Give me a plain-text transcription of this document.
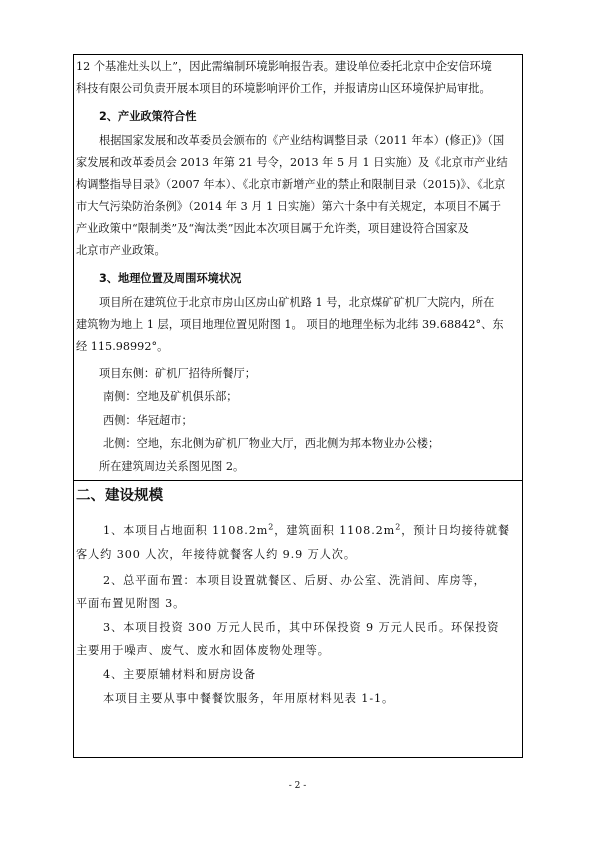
12 个基准灶头以上”，因此需编制环境影响报告表。建设单位委托北京中企安信环境
科技有限公司负责开展本项目的环境影响评价工作，并报请房山区环境保护局审批。
2、产业政策符合性
根据国家发展和改革委员会颁布的《产业结构调整目录（2011 年本）(修正)》（国
家发展和改革委员会 2013 年第 21 号令，2013 年 5 月 1 日实施）及《北京市产业结
构调整指导目录》（2007 年本）、《北京市新增产业的禁止和限制目录（2015)》、《北京
市大气污染防治条例》（2014 年 3 月 1 日实施）第六十条中有关规定，本项目不属于
产业政策中“限制类”及“淘汰类”因此本次项目属于允许类，项目建设符合国家及
北京市产业政策。
3、地理位置及周围环境状况
项目所在建筑位于北京市房山区房山矿机路 1 号，北京煤矿矿机厂大院内，所在
建筑物为地上 1 层，项目地理位置见附图 1。 项目的地理坐标为北纬 39.68842°、东
经 115.98992°。
项目东侧：矿机厂招待所餐厅；
南侧：空地及矿机俱乐部；
西侧：华冠超市；
北侧：空地，东北侧为矿机厂物业大厅，西北侧为邦本物业办公楼；
所在建筑周边关系图见图 2。
二、建设规模
1、本项目占地面积 $1108.2m^2$，建筑面积 $1108.2m^2$，预计日均接待就餐
客人约 300 人次，年接待就餐客人约 9.9 万人次。
2、总平面布置：本项目设置就餐区、后厨、办公室、洗消间、库房等，
平面布置见附图 3。
3、本项目投资 300 万元人民币，其中环保投资 9 万元人民币。环保投资
主要用于噪声、废气、废水和固体废物处理等。
4、主要原辅材料和厨房设备
本项目主要从事中餐餐饮服务，年用原材料见表 1-1。
- 2 -
